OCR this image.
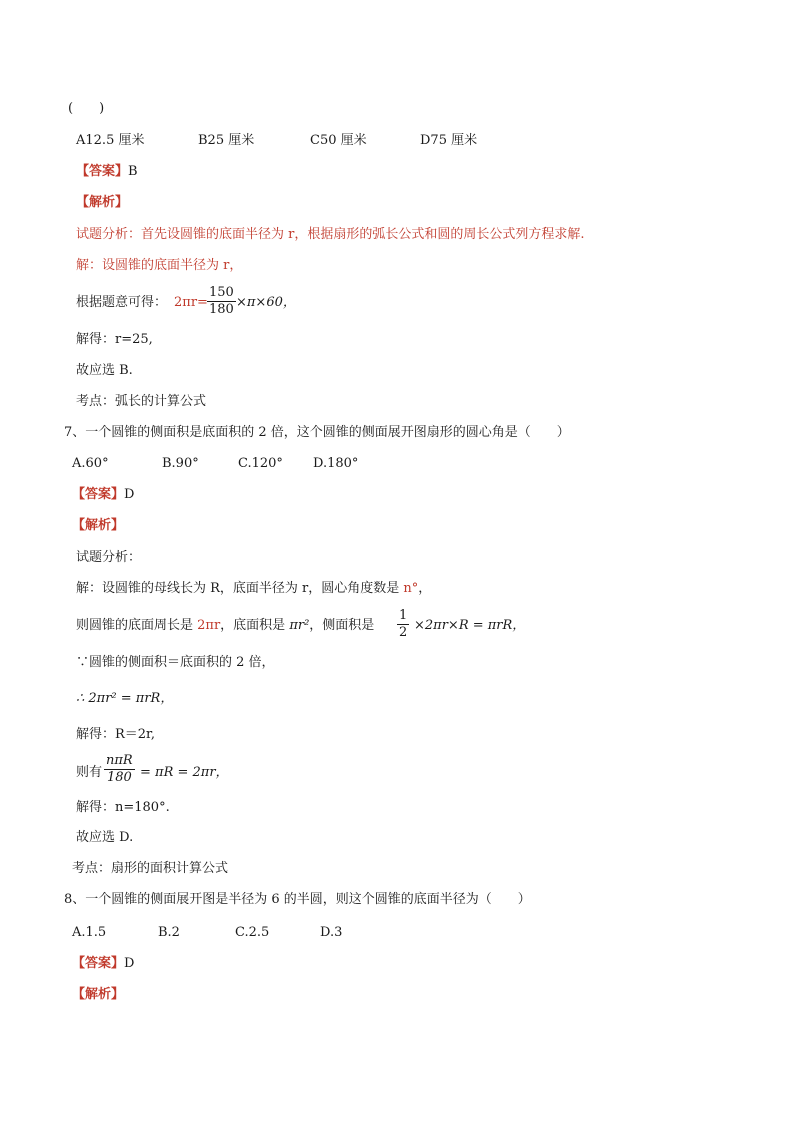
(　　)
A12.5 厘米	B25 厘米	C50 厘米	D75 厘米
【答案】B
【解析】
试题分析：首先设圆锥的底面半径为 r，根据扇形的弧长公式和圆的周长公式列方程求解.
解：设圆锥的底面半径为 r，
根据题意可得： $2\pi r= \frac{150}{180} \times\pi\times 60$，
解得：r=25,
故应选 B.
考点：弧长的计算公式
7、一个圆锥的侧面积是底面积的 2 倍，这个圆锥的侧面展开图扇形的圆心角是（　　）
A.60°	B.90°	C.120° D.180°
【答案】D
【解析】
试题分析：
解：设圆锥的母线长为 R，底面半径为 r，圆心角度数是 n°，
则圆锥的底面周长是 2πr，底面积是 πr²，侧面积是 $\frac{1}{2} \times 2\pi r\times R = \pi rR$，
∵圆锥的侧面积＝底面积的 2 倍，
∴ 2πr² = πrR，
解得：R＝2r,
则有
nπR
180 = πR = 2πr，
解得：n=180°.
故应选 D.
考点：扇形的面积计算公式
8、一个圆锥的侧面展开图是半径为 6 的半圆，则这个圆锥的底面半径为（　　）
A.1.5	B.2	C.2.5	D.3
【答案】D
【解析】
